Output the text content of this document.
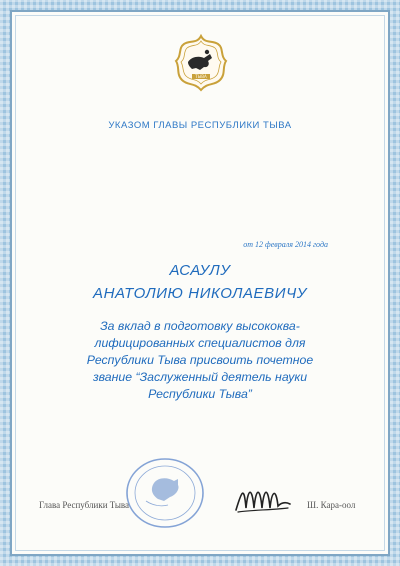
ТЫВА
УКАЗОМ ГЛАВЫ РЕСПУБЛИКИ ТЫВА
от 12 февраля 2014 года
АСАУЛУ
АНАТОЛИЮ НИКОЛАЕВИЧУ
За вклад в подготовку высококва-
лифицированных специалистов для
Республики Тыва присвоить почетное
звание “Заслуженный деятель науки
Республики Тыва”
Глава Республики Тыва	Ш. Кара-оол
